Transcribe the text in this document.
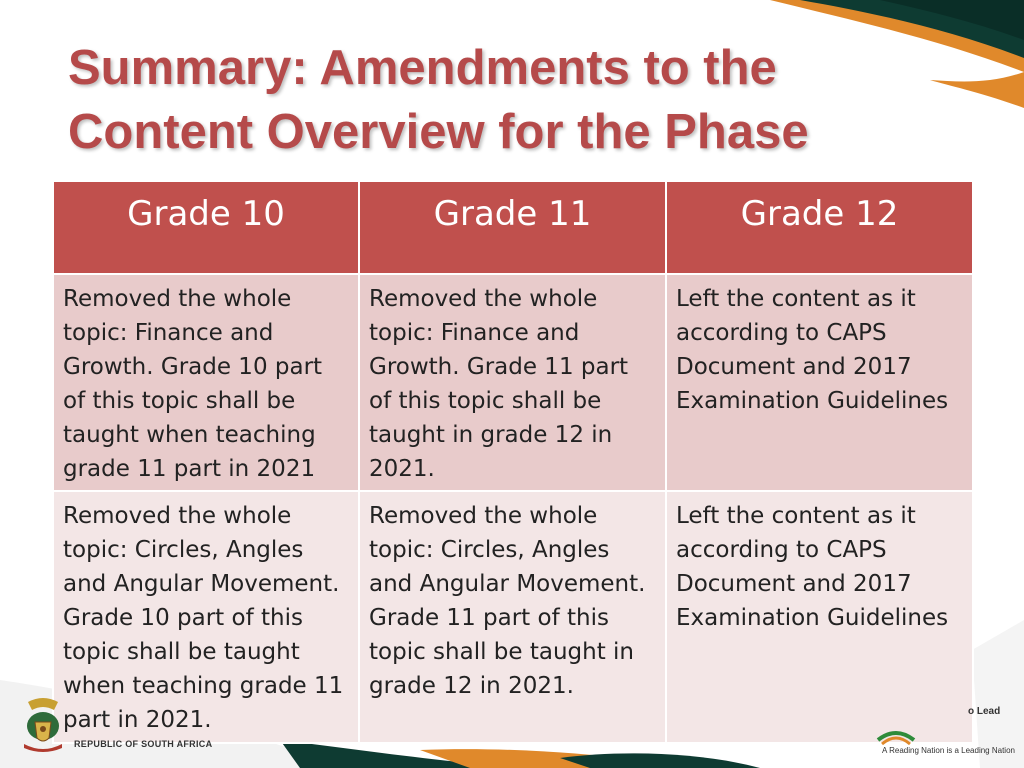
Summary: Amendments to the Content Overview for the Phase
Grade 10	Grade 11	Grade 12
Removed the whole topic: Finance and Growth. Grade 10 part of this topic shall be taught when teaching grade 11 part in 2021	Removed the whole topic: Finance and Growth. Grade 11 part of this topic shall be taught in grade 12 in 2021.	Left the content as it according to CAPS Document and 2017 Examination Guidelines
Removed the whole topic: Circles, Angles and Angular Movement. Grade 10 part of this topic shall be taught when teaching grade 11 part in 2021.	Removed the whole topic: Circles, Angles and Angular Movement. Grade 11 part of this topic shall be taught in grade 12 in 2021.	Left the content as it according to CAPS Document and 2017 Examination Guidelines
REPUBLIC OF SOUTH AFRICA
o Lead
A Reading Nation is a Leading Nation
